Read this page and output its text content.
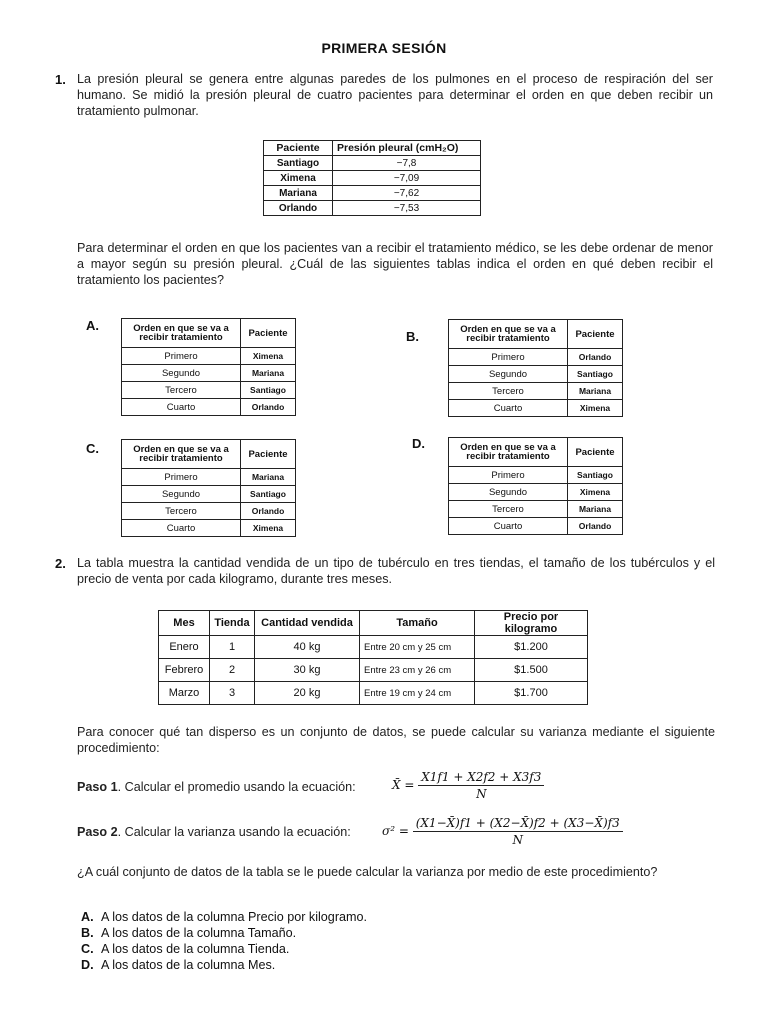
PRIMERA SESIÓN
1. La presión pleural se genera entre algunas paredes de los pulmones en el proceso de respiración del ser humano. Se midió la presión pleural de cuatro pacientes para determinar el orden en que deben recibir un tratamiento pulmonar.
Paciente	Presión pleural (cmH₂O)
Santiago	−7,8
Ximena	−7,09
Mariana	−7,62
Orlando	−7,53
Para determinar el orden en que los pacientes van a recibir el tratamiento médico, se les debe ordenar de menor a mayor según su presión pleural. ¿Cuál de las siguientes tablas indica el orden en qué deben recibir el tratamiento los pacientes?
A.	Orden en que se va a recibir tratamiento	Paciente
Primero	Ximena
Segundo	Mariana
Tercero	Santiago
Cuarto	Orlando
B.	Orden en que se va a recibir tratamiento	Paciente
Primero	Orlando
Segundo	Santiago
Tercero	Mariana
Cuarto	Ximena
C.	Orden en que se va a recibir tratamiento	Paciente
Primero	Mariana
Segundo	Santiago
Tercero	Orlando
Cuarto	Ximena
D.	Orden en que se va a recibir tratamiento	Paciente
Primero	Santiago
Segundo	Ximena
Tercero	Mariana
Cuarto	Orlando
2. La tabla muestra la cantidad vendida de un tipo de tubérculo en tres tiendas, el tamaño de los tubérculos y el precio de venta por cada kilogramo, durante tres meses.
Mes	Tienda	Cantidad vendida	Tamaño	Precio por kilogramo
Enero	1	40 kg	Entre 20 cm y 25 cm	$1.200
Febrero	2	30 kg	Entre 23 cm y 26 cm	$1.500
Marzo	3	20 kg	Entre 19 cm y 24 cm	$1.700
Para conocer qué tan disperso es un conjunto de datos, se puede calcular su varianza mediante el siguiente procedimiento:
Paso 1. Calcular el promedio usando la ecuación:	X̄ = $\frac{X1f1 + X2f2 + X3f3}{N}$
Paso 2. Calcular la varianza usando la ecuación:	$\sigma^2 = \frac{(X1-X̄)f1 + (X2-X̄)f2 + (X3-X̄)f3}{N}$
¿A cuál conjunto de datos de la tabla se le puede calcular la varianza por medio de este procedimiento?
A. A los datos de la columna Precio por kilogramo.
B. A los datos de la columna Tamaño.
C. A los datos de la columna Tienda.
D. A los datos de la columna Mes.
